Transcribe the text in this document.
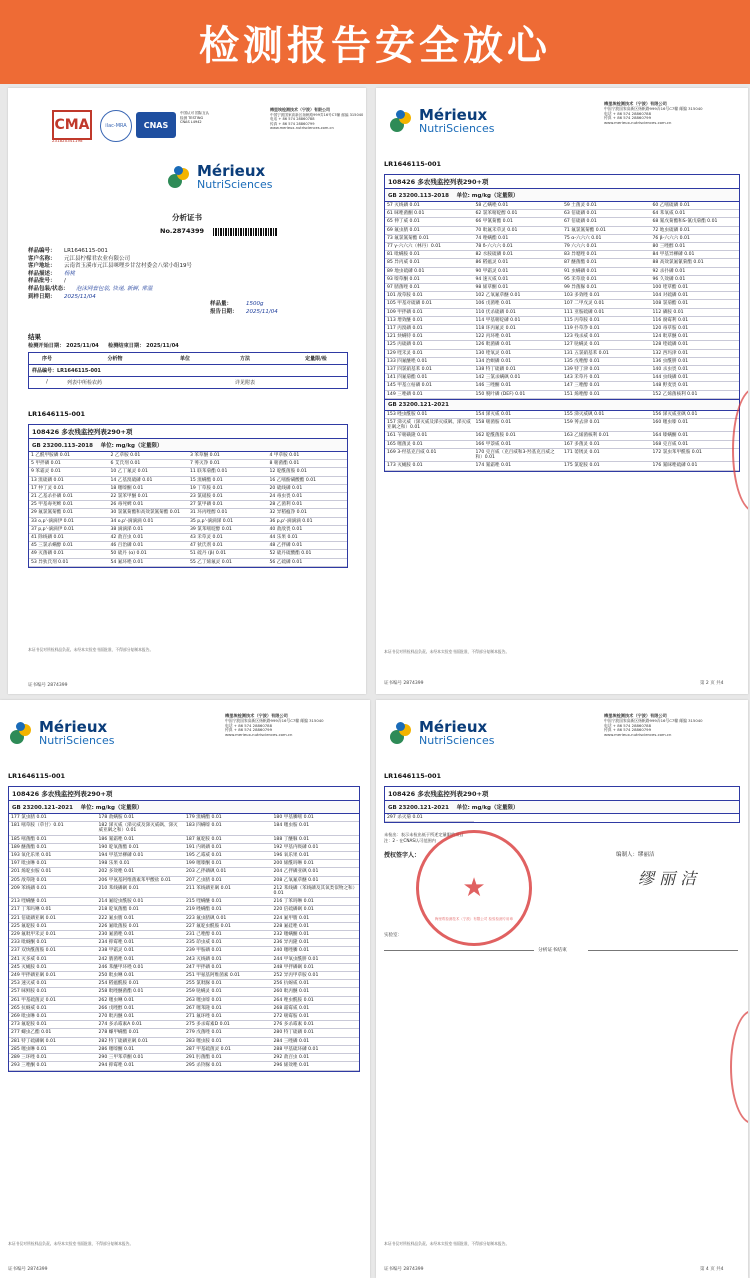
检测报告安全放心
CMA
231820341198
ilac-MRA	CNAS
中国认可 国际互认 检测 TESTING CNAS L4942
梅里埃检测技术（宁波）有限公司
中国宁波国家高新区扬帆路999弄16号C7幢 邮编 315040
电话 + 86 574 28860788
传真 + 86 574 28860799
www.merieux-nutrisciences.com.cn
Mérieux
NutriSciences
分析证书
No.2874399
样品编号： LR1646115-001
客户名称： 元江县柠檬君农业有限公司
客户地址： 云南省玉溪市元江县咪哩乡甘岔村委会八梁小组19号
样品描述： 杨桃
样品批号： /
样品包装/状态： 泡沫网套包装, 快递, 新鲜, 常温
到样日期： 2025/11/04
样品量：	1500g
报告日期： 2025/11/04
结果
检测开始日期： 2025/11/04 检测结束日期： 2025/11/04
序号	分析物	单位	方法	定量限/检
样品编号：LR1646115-001
/	列表中所检农药	详见附表
LR1646115-001
108426 多农残监控列表290+项
GB 23200.113-2018 单位: mg/kg（定量限）
1 乙酰甲胺磷 0.01	2 乙草胺 0.01	3 苯草醚 0.01	4 甲草胺 0.01
5 甲拌磷 0.01	6 艾氏剂 0.01	7 莠灭净 0.01	8 嘧菌酯 0.01
9 苯霜灵 0.01	10 乙丁氟灵 0.01	11 联苯菊酯 0.01	12 啶酰菌胺 0.01
13 溴硫磷 0.01	14 乙基溴硫磷 0.01	15 溴螨酯 0.01	16 乙嘧酚磺酸酯 0.01
17 仲丁灵 0.01	18 噻嗪酮 0.01	19 丁草胺 0.01	20 硫线磷 0.01
21 乙基杀扑磷 0.01	22 氯苯甲醚 0.01	23 氯硝胺 0.01	24 毒虫畏 0.01
25 甲基毒死蜱 0.01	26 毒死蜱 0.01	27 氯甲磷 0.01	28 乙菌利 0.01
29 氟氯氰菊酯 0.01	30 氯氰菊酯和高效氯氰菊酯 0.01	31 环丙唑醇 0.01	32 异稻瘟净 0.01
33 o,p'-滴滴伊 0.01	34 o,p'-滴滴滴 0.01	35 p,p'-滴滴涕 0.01	36 p,p'-滴滴滴 0.01
37 p,p'-滴滴伊 0.01	38 滴滴涕 0.01	39 氯苯嘧啶醇 0.01	40 敌敌畏 0.01
41 除线磷 0.01	42 敌百虫 0.01	43 禾草灵 0.01	44 乐果 0.01
45 三氯杀螨醇 0.01	46 百治磷 0.01	47 狄氏剂 0.01	48 乙拌磷 0.01
49 灭菌磷 0.01	50 硫丹 (α) 0.01	51 硫丹 (β) 0.01	52 硫丹硫酸酯 0.01
53 异狄氏剂 0.01	54 氟环唑 0.01	55 乙丁烯氟灵 0.01	56 乙硫磷 0.01
本证书仅对所检样品负责。未经本实验室书面批准，不得部分复制本报告。
证书编号 2874399
Mérieux
NutriSciences
梅里埃检测技术（宁波）有限公司
中国宁波国家高新区扬帆路999弄16号C7幢 邮编 315040
电话 + 86 574 28860788
传真 + 86 574 28860799
www.merieux-nutrisciences.com.cn
LR1646115-001
108426 多农残监控列表290+项
GB 23200.113-2018 单位: mg/kg（定量限）
57 灭线磷 0.01	58 乙螨唑 0.01	59 土菌灵 0.01	60 乙嘧硫磷 0.01
61 咪唑菌酮 0.01	62 氯苯嘧啶醇 0.01	63 倍硫磷 0.01	64 苯氧威 0.01
65 伸丁威 0.01	66 甲氰菊酯 0.01	67 倍硫磷 0.01	68 氰戊菊酯和S-氰戊菊酯 0.01
69 氟虫腈 0.01	70 吡氟禾草灵 0.01	71 氟氯氰菊酯 0.01	72 地虫硫磷 0.01
73 氟氯氰菊酯 0.01	74 唑螨酯 0.01	75 α-六六六 0.01	76 β-六六六 0.01
77 γ-六六六（林丹）0.01	78 δ-六六六 0.01	79 六六六 0.01	80 三唑醇 0.01
81 吡螨胺 0.01	82 水胺硫磷 0.01	83 异噁唑 0.01	84 甲基异柳磷 0.01
85 异丙威 0.01	86 稻瘟灵 0.01	87 醚菌酯 0.01	88 高效氯氟氰菊酯 0.01
89 地虫硫磷 0.01	90 甲霜灵 0.01	91 虫螨磷 0.01	92 杀扑磷 0.01
93 嗪草酮 0.01	94 速灭威 0.01	95 禾草敌 0.01	96 久效磷 0.01
97 腈菌唑 0.01	98 烯草酮 0.01	99 异菌脲 0.01	100 喹草酯 0.01
101 敌草胺 0.01	102 乙氧氟草醚 0.01	103 多效唑 0.01	104 对硫磷 0.01
105 甲基对硫磷 0.01	106 戊菌唑 0.01	107 二甲戊灵 0.01	108 氯菊酯 0.01
109 甲拌磷 0.01	110 伏杀硫磷 0.01	111 亚胺硫磷 0.01	112 磷胺 0.01
113 增效醚 0.01	114 甲基嘧啶磷 0.01	115 丙草胺 0.01	116 腐霉利 0.01
117 丙溴磷 0.01	118 环丙氟灵 0.01	119 扑草净 0.01	120 毒草胺 0.01
121 炔螨特 0.01	122 丙环唑 0.01	123 残杀威 0.01	124 吡草醚 0.01
125 丙硫磷 0.01	126 吡菌磷 0.01	127 哒螨灵 0.01	128 喹硫磷 0.01
129 喹禾灵 0.01	130 喹氧灵 0.01	131 五氯硝基苯 0.01	132 西玛津 0.01
133 四氟醚唑 0.01	134 治螟磷 0.01	135 戊唑醇 0.01	136 虫酰肼 0.01
137 四氯硝基苯 0.01	138 特丁硫磷 0.01	139 特丁津 0.01	140 杀虫畏 0.01
141 四氟菊酯 0.01	142 三氯杀螨砜 0.01	143 禾草丹 0.01	144 虫线磷 0.01
145 甲基立枯磷 0.01	146 三唑酮 0.01	147 三唑醇 0.01	148 野麦畏 0.01
149 三唑磷 0.01	150 脱叶磷 (DEF) 0.01	151 烯唑醇 0.01	152 乙烯菌核利 0.01
GB 23200.121-2021
153 唑虫酰胺 0.01	154 涕灭威 0.01	155 涕灭威砜 0.01	156 涕灭威亚砜 0.01
157 涕灭威（涕灭威及涕灭威砜、涕灭威亚砜之和）0.01
158 嘧菌胺 0.01	159 莠去津 0.01	160 噻虫嗪 0.01
161 苄嘧磺隆 0.01	162 啶酰菌胺 0.01	163 乙烯菌核利 0.01	164 嗪螨酮 0.01
165 噻菌灵 0.01	166 甲萘威 0.01	167 多菌灵 0.01	168 克百威 0.01
169 3-羟基克百威 0.01	170 克百威（克百威和3-羟基克百威之和）0.01
171 萎锈灵 0.01	172 氯虫苯甲酰胺 0.01
173 灭蝇胺 0.01	174 氰霜唑 0.01	175 氯啶胺 0.01	176 氰咪唑硫磷 0.01
本证书仅对所检样品负责。未经本实验室书面批准，不得部分复制本报告。
证书编号 2874399	第 2 页 共4
Mérieux
NutriSciences
梅里埃检测技术（宁波）有限公司
中国宁波国家高新区扬帆路999弄16号C7幢 邮编 315040
电话 + 86 574 28860788
传真 + 86 574 28860799
www.merieux-nutrisciences.com.cn
LR1646115-001
108426 多农残监控列表290+项
GB 23200.121-2021 单位: mg/kg（定量限）
177 氯虫腈 0.01	178 敌螨胺 0.01	179 溴螨酯 0.01	180 甲基膦嘧 0.01
181 嘧草胺（草甘）0.01	182 涕灭威（涕灭威及涕灭威砜、涕灭威亚砜之和）0.01
183 四螨嗪 0.01	184 噻虫胺 0.01
185 嘧菌酯 0.01	186 氰霜唑 0.01	187 氟啶胺 0.01	188 丁醚脲 0.01
189 醚菌酯 0.01	190 啶氧菌酯 0.01	191 内吸磷 0.01	192 甲基内吸磷 0.01
193 氧化乐果 0.01	194 甲基异柳磷 0.01	195 乙霉威 0.01	196 氧乐果 0.01
197 吡虫啉 0.01	198 乐果 0.01	199 噻嗪酮 0.01	200 烯酰吗啉 0.01
201 烯啶虫胺 0.01	202 多效唑 0.01	203 乙拌磷砜 0.01	204 乙拌磷亚砜 0.01
205 敌草隆 0.01	206 甲氨基阿维菌素苯甲酸盐 0.01	207 乙虫腈 0.01	208 乙氧氟草醚 0.01
209 苯线磷 0.01	210 苯线磷砜 0.01	211 苯线磷亚砜 0.01	212 苯线磷（苯线磷及其氧类似物之和）0.01
213 喹螨醚 0.01	214 氟啶虫酰胺 0.01	215 喹螨醚 0.01	216 丁苯吗啉 0.01
217 丁苯吗啉 0.01	218 啶氧菌酯 0.01	219 唑螨酯 0.01	220 倍硫磷砜 0.01
221 倍硫磷亚砜 0.01	222 氟虫腈 0.01	223 氟虫腈砜 0.01	224 氟甲腈 0.01
225 氟啶胺 0.01	226 氟吡菌胺 0.01	227 氟啶虫酰胺 0.01	228 氟硅唑 0.01
229 氟吡甲禾灵 0.01	230 氟菌唑 0.01	231 己唑醇 0.01	232 噻螨酮 0.01
233 吡蚜酮 0.01	234 抑霉唑 0.01	235 茚虫威 0.01	236 异丙隆 0.01
237 双炔酰菌胺 0.01	238 甲霜灵 0.01	239 甲胺磷 0.01	240 噻唑膦 0.01
241 灭多威 0.01	242 腈菌唑 0.01	243 灭线磷 0.01	244 甲氧虫酰肼 0.01
245 灭蝇胺 0.01	246 苯醚甲环唑 0.01	247 甲拌磷 0.01	248 甲拌磷砜 0.01
249 甲拌磷亚砜 0.01	250 吡虫啉 0.01	251 甲氨基阿维菌素 0.01	252 异丙甲草胺 0.01
253 速灭威 0.01	254 稻瘟酰胺 0.01	255 氯吡脲 0.01	256 抗蚜威 0.01
257 咪鲜胺 0.01	258 吡唑醚菌酯 0.01	259 哒螨灵 0.01	260 吡丙醚 0.01
261 甲基硫菌灵 0.01	262 噻虫啉 0.01	263 噻虫嗪 0.01	264 唑虫酰胺 0.01
265 抗蚜威 0.01	266 戊唑醇 0.01	267 噻苯隆 0.01	268 霜霉威 0.01
269 吡虫啉 0.01	270 吡丙醚 0.01	271 氟环唑 0.01	272 嘧霉胺 0.01
273 氟啶胺 0.01	274 多杀霉素A 0.01	275 多杀霉素D 0.01	276 多杀霉素 0.01
277 螺虫乙酯 0.01	278 螺甲螨酯 0.01	279 戊菌唑 0.01	280 特丁硫磷 0.01
281 特丁硫磷砜 0.01	282 特丁硫磷亚砜 0.01	283 噻虫胺 0.01	284 三唑磷 0.01
285 噻虫啉 0.01	286 噻嗪酮 0.01	287 甲基硫菌灵 0.01	288 甲基硫环磷 0.01
289 三环唑 0.01	290 三甲苯草酮 0.01	291 肟菌酯 0.01	292 敌百虫 0.01
293 三唑酮 0.01	294 抑霉唑 0.01	295 杀铃脲 0.01	296 烯效唑 0.01
本证书仅对所检样品负责。未经本实验室书面批准，不得部分复制本报告。
证书编号 2874399
Mérieux
NutriSciences
梅里埃检测技术（宁波）有限公司
中国宁波国家高新区扬帆路999弄16号C7幢 邮编 315040
电话 + 86 574 28860788
传真 + 86 574 28860799
www.merieux-nutrisciences.com.cn
LR1646115-001
108426 多农残监控列表290+项
GB 23200.121-2021 单位: mg/kg（定量限）
297 杀灭菊 0.01
未检出：表示未检出低于所述定量限的项目
注：2 - 在CNAS认可范围内
授权签字人：	编制人：缪丽洁
缪 丽 洁
★
梅里埃检测技术（宁波）有限公司 检验检测专用章
实验室：
分析证书结束
本证书仅对所检样品负责。未经本实验室书面批准，不得部分复制本报告。
证书编号 2874399	第 4 页 共4
